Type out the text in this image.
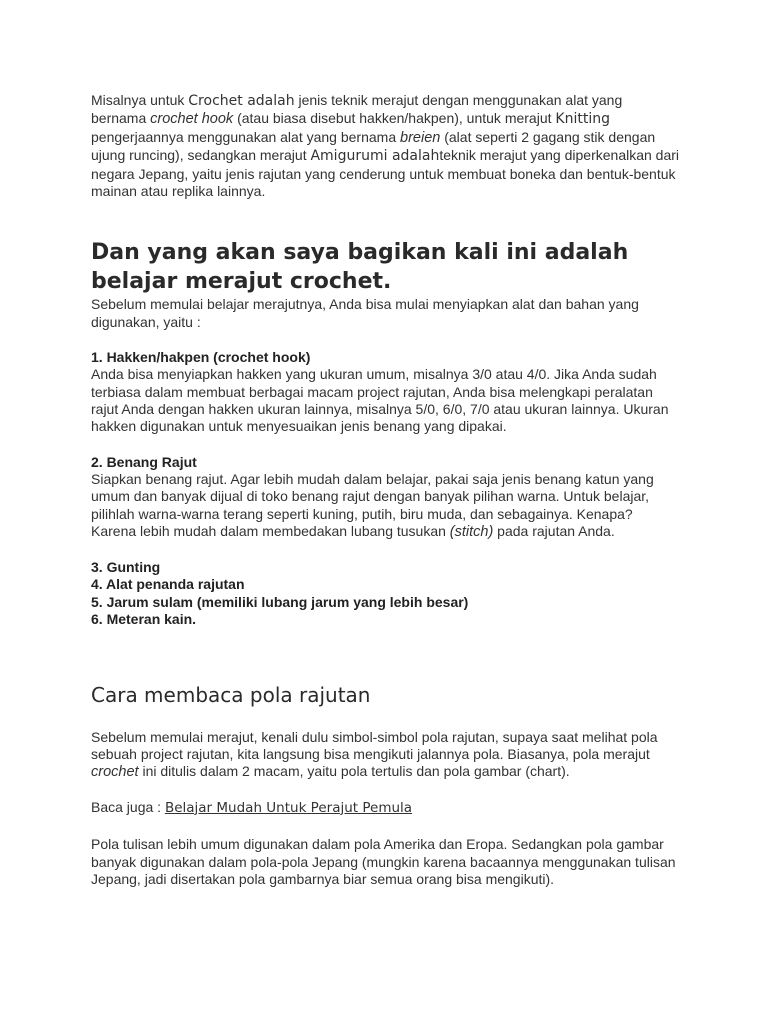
Misalnya untuk Crochet adalah jenis teknik merajut dengan menggunakan alat yang bernama crochet hook (atau biasa disebut hakken/hakpen), untuk merajut Knitting pengerjaannya menggunakan alat yang bernama breien (alat seperti 2 gagang stik dengan ujung runcing), sedangkan merajut Amigurumi adalahteknik merajut yang diperkenalkan dari negara Jepang, yaitu jenis rajutan yang cenderung untuk membuat boneka dan bentuk-bentuk mainan atau replika lainnya.

Dan yang akan saya bagikan kali ini adalah belajar merajut crochet.

Sebelum memulai belajar merajutnya, Anda bisa mulai menyiapkan alat dan bahan yang digunakan, yaitu :

1. Hakken/hakpen (crochet hook)

Anda bisa menyiapkan hakken yang ukuran umum, misalnya 3/0 atau 4/0. Jika Anda sudah terbiasa dalam membuat berbagai macam project rajutan, Anda bisa melengkapi peralatan rajut Anda dengan hakken ukuran lainnya, misalnya 5/0, 6/0, 7/0 atau ukuran lainnya. Ukuran hakken digunakan untuk menyesuaikan jenis benang yang dipakai.

2. Benang Rajut

Siapkan benang rajut. Agar lebih mudah dalam belajar, pakai saja jenis benang katun yang umum dan banyak dijual di toko benang rajut dengan banyak pilihan warna. Untuk belajar, pilihlah warna-warna terang seperti kuning, putih, biru muda, dan sebagainya. Kenapa? Karena lebih mudah dalam membedakan lubang tusukan (stitch) pada rajutan Anda.

3. Gunting
4. Alat penanda rajutan
5. Jarum sulam (memiliki lubang jarum yang lebih besar)
6. Meteran kain.
Cara membaca pola rajutan

Sebelum memulai merajut, kenali dulu simbol-simbol pola rajutan, supaya saat melihat pola sebuah project rajutan, kita langsung bisa mengikuti jalannya pola. Biasanya, pola merajut crochet ini ditulis dalam 2 macam, yaitu pola tertulis dan pola gambar (chart).

Baca juga : Belajar Mudah Untuk Perajut Pemula

Pola tulisan lebih umum digunakan dalam pola Amerika dan Eropa. Sedangkan pola gambar banyak digunakan dalam pola-pola Jepang (mungkin karena bacaannya menggunakan tulisan Jepang, jadi disertakan pola gambarnya biar semua orang bisa mengikuti).
